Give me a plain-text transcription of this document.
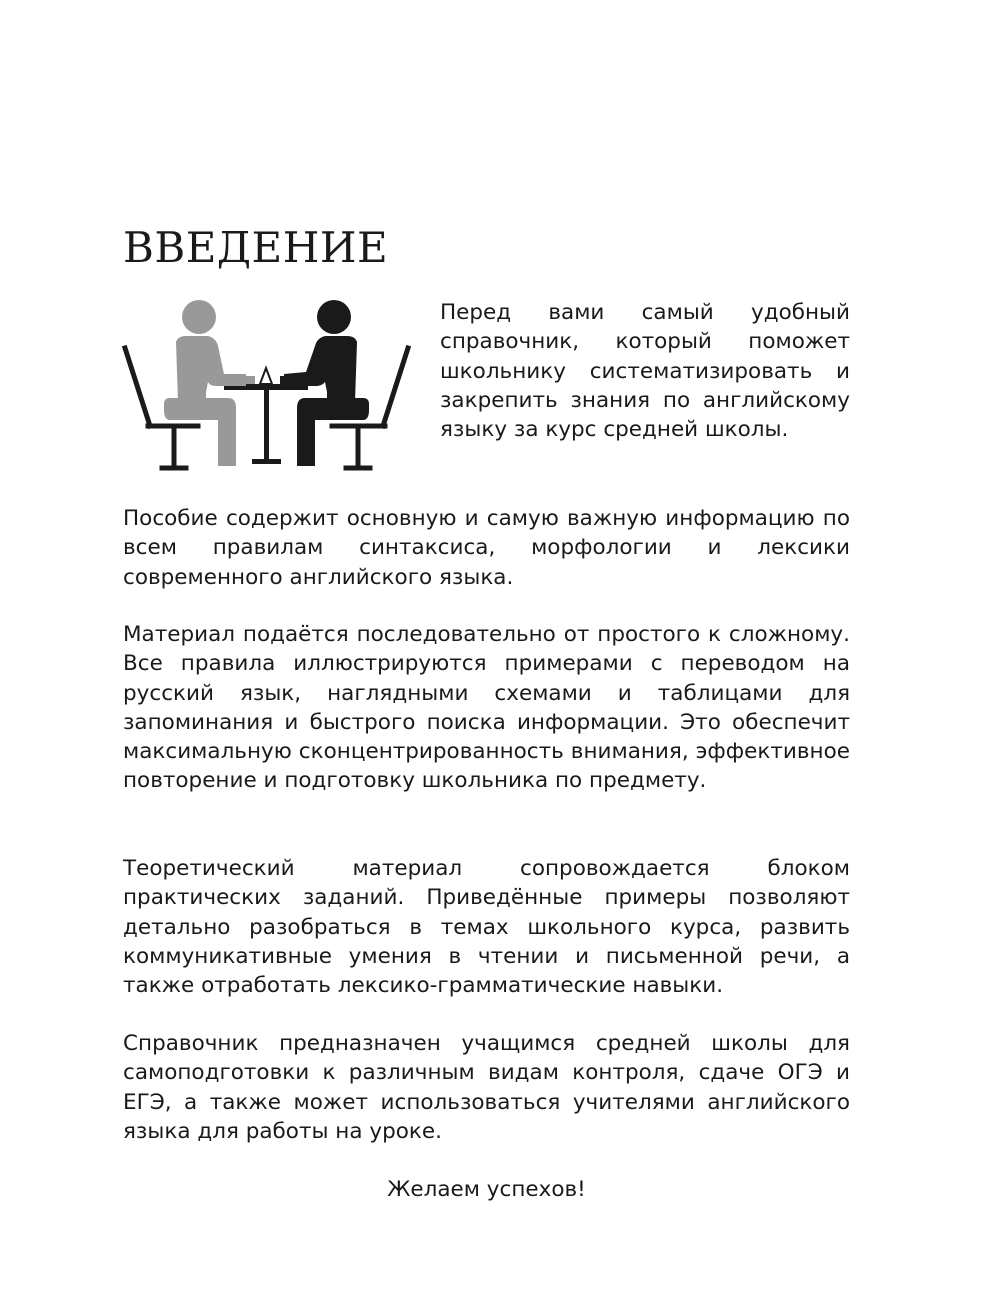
ВВЕДЕНИЕ

Перед вами самый удобный справочник, который поможет школьнику систематизировать и закрепить знания по английскому языку за курс средней школы.

Пособие содержит основную и самую важную информацию по всем правилам синтаксиса, морфологии и лексики современного английского языка.

Материал подаётся последовательно от простого к сложному. Все правила иллюстрируются примерами с переводом на русский язык, наглядными схемами и таблицами для запоминания и быстрого поиска информации. Это обеспечит максимальную сконцентрированность внимания, эффективное повторение и подготовку школьника по предмету.

Теоретический материал сопровождается блоком практических заданий. Приведённые примеры позволяют детально разобраться в темах школьного курса, развить коммуникативные умения в чтении и письменной речи, а также отработать лексико-грамматические навыки.

Справочник предназначен учащимся средней школы для самоподготовки к различным видам контроля, сдаче ОГЭ и ЕГЭ, а также может использоваться учителями английского языка для работы на уроке.

Желаем успехов!
